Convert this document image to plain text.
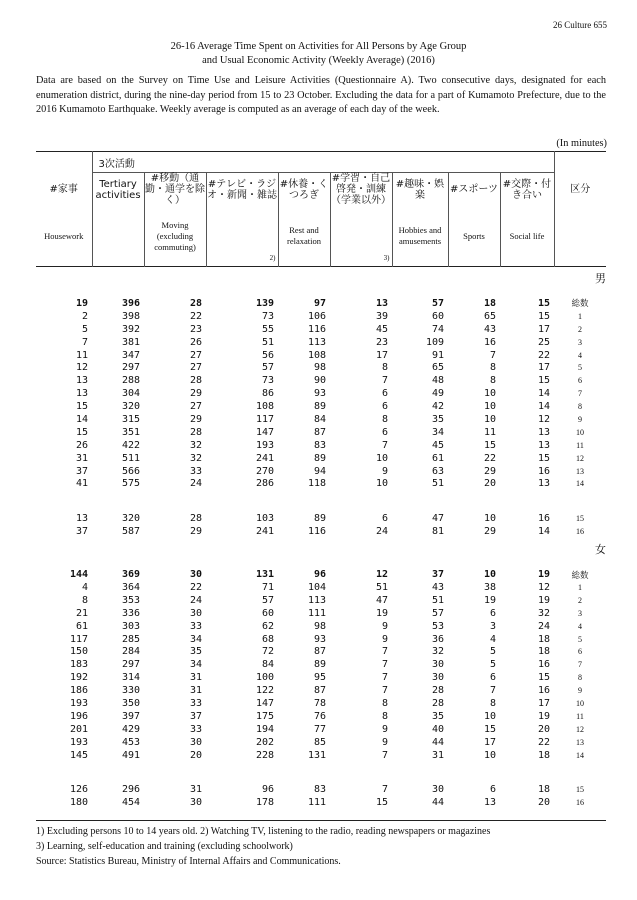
26 Culture 655
26-16 Average Time Spent on Activities for All Persons by Age Group
and Usual Economic Activity (Weekly Average) (2016)
Data are based on the Survey on Time Use and Leisure Activities (Questionnaire A). Two consecutive days, designated for each enumeration district, during the nine-day period from 15 to 23 October. Excluding the data for a part of Kumamoto Prefecture, due to the 2016 Kumamoto Earthquake. Weekly average is computed as an average of each day of the week.
(In minutes)
	3次活動								
#家事	Tertiary activities	#移動（通勤・通学を除く）	#テレビ・ラジオ・新聞・雑誌	#休養・くつろぎ	#学習・自己啓発・訓練（学業以外）	#趣味・娯楽	#スポーツ	#交際・付き合い	区分
Housework		Moving (excluding commuting)	2)	Rest and relaxation	3)	Hobbies and amusements	Sports	Social life	
男									

19	396	28	139	97	13	57	18	15	総数
2	398	22	73	106	39	60	65	15	1
5	392	23	55	116	45	74	43	17	2
7	381	26	51	113	23	109	16	25	3
11	347	27	56	108	17	91	7	22	4
12	297	27	57	98	8	65	8	17	5
13	288	28	73	90	7	48	8	15	6
13	304	29	86	93	6	49	10	14	7
15	320	27	108	89	6	42	10	14	8
14	315	29	117	84	8	35	10	12	9
15	351	28	147	87	6	34	11	13	10
26	422	32	193	83	7	45	15	13	11
31	511	32	241	89	10	61	22	15	12
37	566	33	270	94	9	63	29	16	13
41	575	24	286	118	10	51	20	13	14

13	320	28	103	89	6	47	10	16	15
37	587	29	241	116	24	81	29	14	16
女									

144	369	30	131	96	12	37	10	19	総数
4	364	22	71	104	51	43	38	12	1
8	353	24	57	113	47	51	19	19	2
21	336	30	60	111	19	57	6	32	3
61	303	33	62	98	9	53	3	24	4
117	285	34	68	93	9	36	4	18	5
150	284	35	72	87	7	32	5	18	6
183	297	34	84	89	7	30	5	16	7
192	314	31	100	95	7	30	6	15	8
186	330	31	122	87	7	28	7	16	9
193	350	33	147	78	8	28	8	17	10
196	397	37	175	76	8	35	10	19	11
201	429	33	194	77	9	40	15	20	12
193	453	30	202	85	9	44	17	22	13
145	491	20	228	131	7	31	10	18	14

126	296	31	96	83	7	30	6	18	15
180	454	30	178	111	15	44	13	20	16
1) Excluding persons 10 to 14 years old. 2) Watching TV, listening to the radio, reading newspapers or magazines
3) Learning, self-education and training (excluding schoolwork)
Source: Statistics Bureau, Ministry of Internal Affairs and Communications.
